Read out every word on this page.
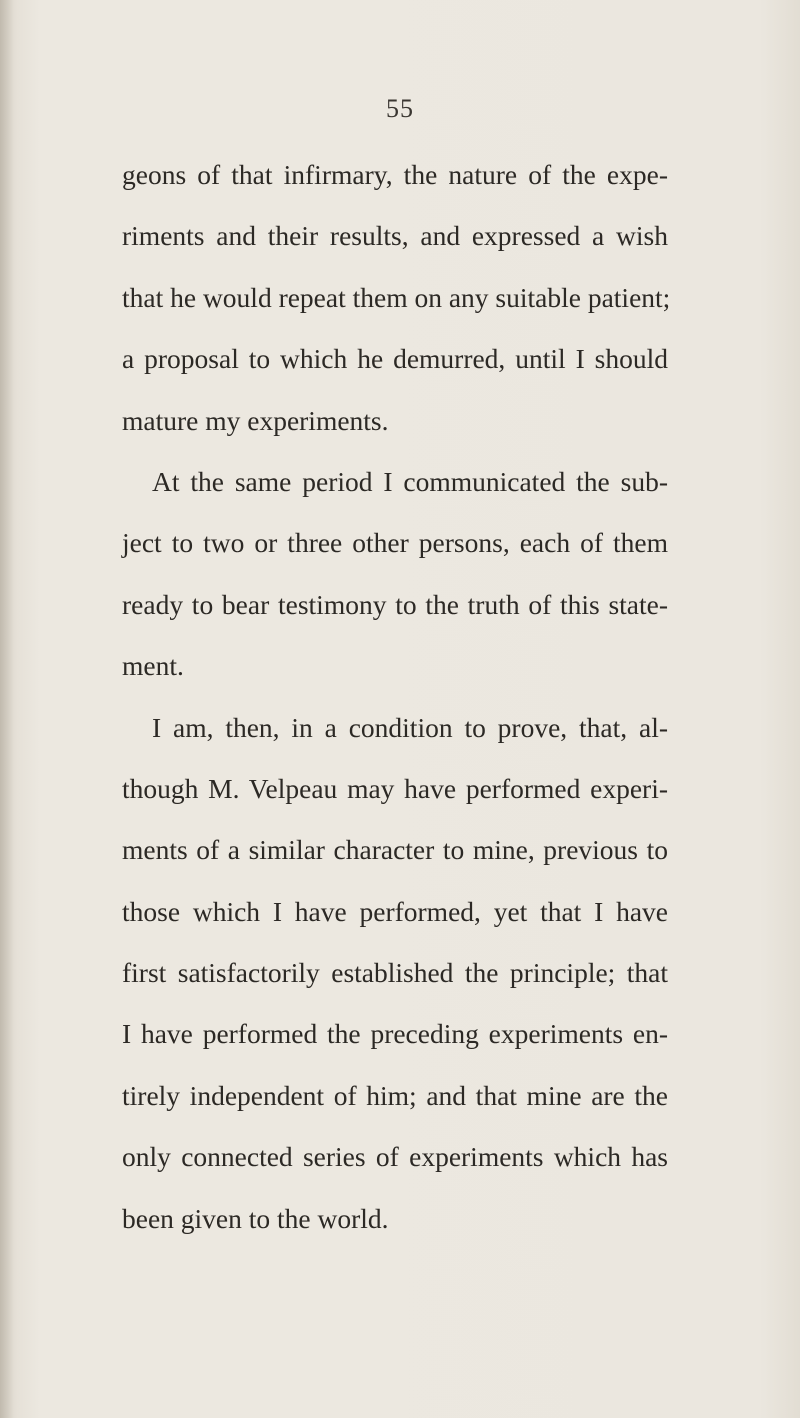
55
geons of that infirmary, the nature of the expe-
riments and their results, and expressed a wish
that he would repeat them on any suitable patient;
a proposal to which he demurred, until I should
mature my experiments.
At the same period I communicated the sub-
ject to two or three other persons, each of them
ready to bear testimony to the truth of this state-
ment.
I am, then, in a condition to prove, that, al-
though M. Velpeau may have performed experi-
ments of a similar character to mine, previous to
those which I have performed, yet that I have
first satisfactorily established the principle; that
I have performed the preceding experiments en-
tirely independent of him; and that mine are the
only connected series of experiments which has
been given to the world.
